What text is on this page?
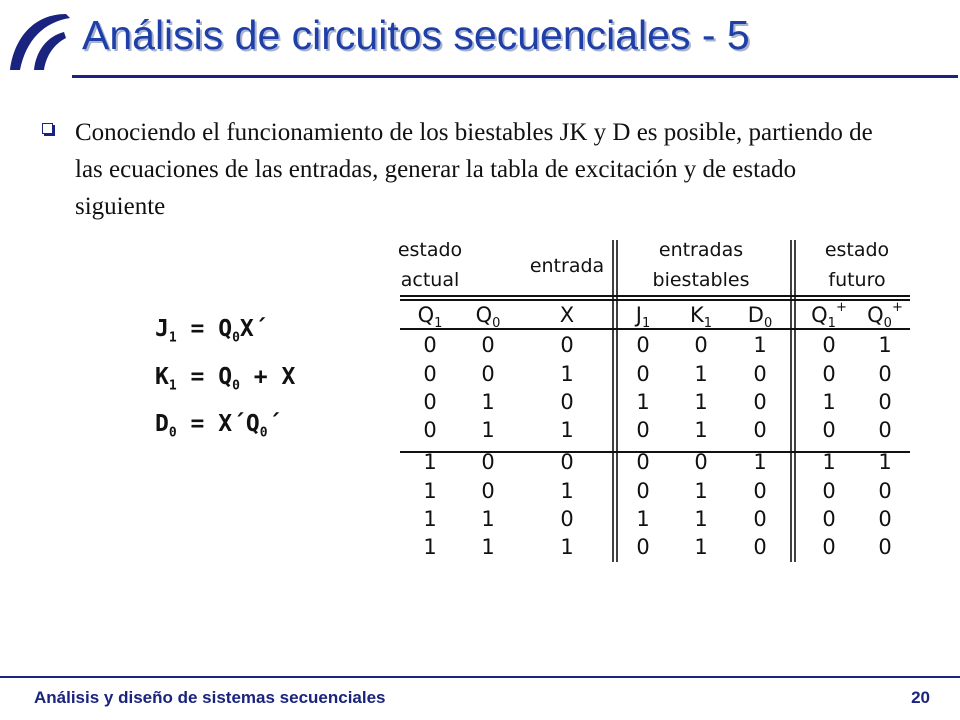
Análisis de circuitos secuenciales - 5
Conociendo el funcionamiento de los biestables JK y D es posible, partiendo de las ecuaciones de las entradas, generar la tabla de excitación y de estado siguiente
$J_1$ = $Q_0X´$
$K_1 = Q_0 + X$
$D_0$ = $X´Q_0´$
estado
actual
entrada
entradas
biestables
estado
futuro
$Q_1$ $Q_0$	X	$J_1$ $K_1$ $D_0$ $Q_1^+$ $Q_0^+$
0 0	0	0 0 1	0 1
0 0	1	0 1 0	0 0
0 1	0	1 1 0	1 0
0 1	1	0 1 0	0 0
1 0	0	0 0 1	1 1
1 0	1	0 1 0	0 0
1 1	0	1 1 0	0 0
1 1	1	0 1 0	0 0
Análisis y diseño de sistemas secuenciales	20
